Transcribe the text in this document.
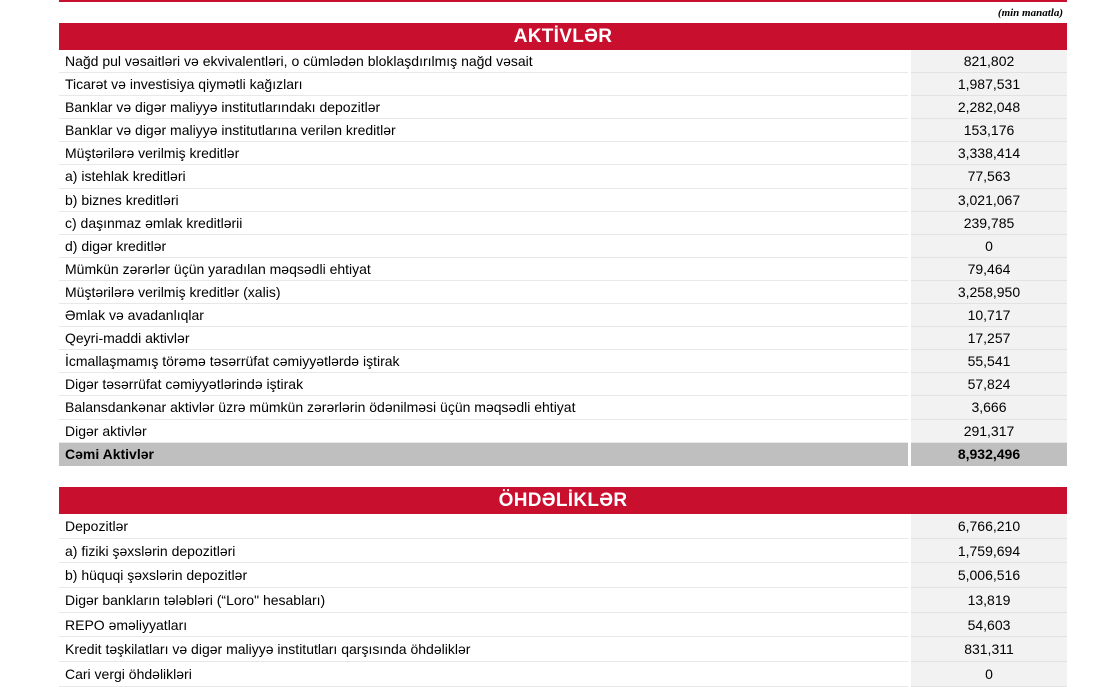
(min manatla)
AKTİVLƏR
Nağd pul vəsaitləri və ekvivalentləri, o cümlədən bloklaşdırılmış nağd vəsait	821,802
Ticarət və investisiya qiymətli kağızları	1,987,531
Banklar və digər maliyyə institutlarındakı depozitlər	2,282,048
Banklar və digər maliyyə institutlarına verilən kreditlər	153,176
Müştərilərə verilmiş kreditlər	3,338,414
a) istehlak kreditləri	77,563
b) biznes kreditləri	3,021,067
c) daşınmaz əmlak kreditlərii	239,785
d) digər kreditlər	0
Mümkün zərərlər üçün yaradılan məqsədli ehtiyat	79,464
Müştərilərə verilmiş kreditlər (xalis)	3,258,950
Əmlak və avadanlıqlar	10,717
Qeyri-maddi aktivlər	17,257
İcmallaşmamış törəmə təsərrüfat cəmiyyətlərdə iştirak	55,541
Digər təsərrüfat cəmiyyətlərində iştirak	57,824
Balansdankənar aktivlər üzrə mümkün zərərlərin ödənilməsi üçün məqsədli ehtiyat	3,666
Digər aktivlər	291,317
Cəmi Aktivlər	8,932,496
ÖHDƏLİKLƏR
Depozitlər	6,766,210
a) fiziki şəxslərin depozitləri	1,759,694
b) hüquqi şəxslərin depozitlər	5,006,516
Digər bankların tələbləri (“Loro" hesabları)	13,819
REPO əməliyyatları	54,603
Kredit təşkilatları və digər maliyyə institutları qarşısında öhdəliklər	831,311
Cari vergi öhdəlikləri	0
